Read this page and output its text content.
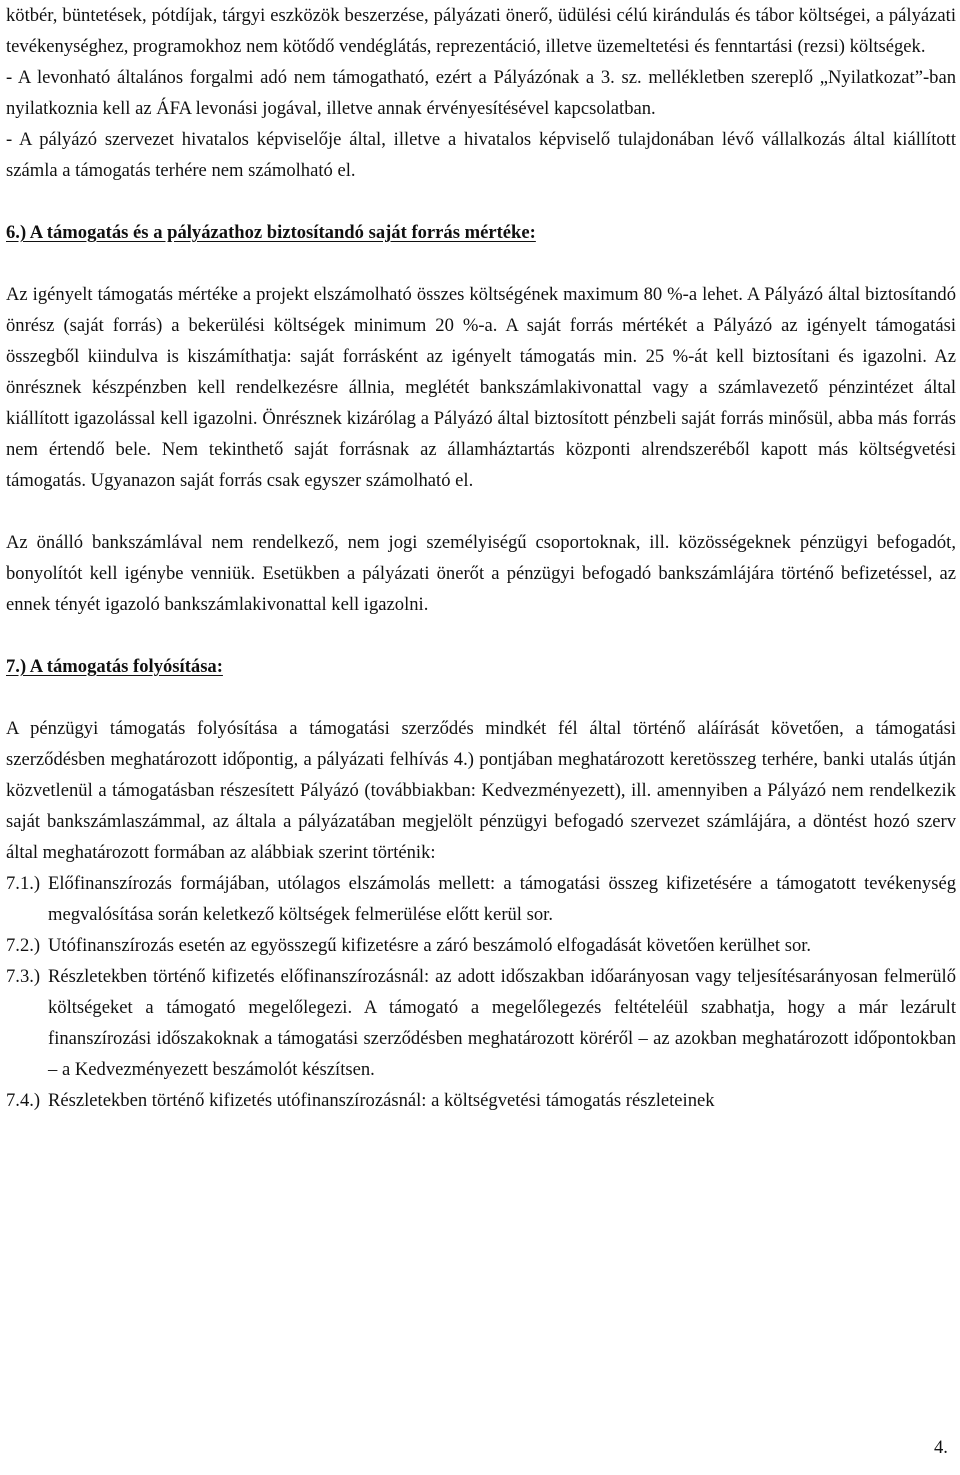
kötbér, büntetések, pótdíjak, tárgyi eszközök beszerzése, pályázati önerő, üdülési célú kirándulás és tábor költségei, a pályázati tevékenységhez, programokhoz nem kötődő vendéglátás, reprezentáció, illetve üzemeltetési és fenntartási (rezsi) költségek.

- A levonható általános forgalmi adó nem támogatható, ezért a Pályázónak a 3. sz. mellékletben szereplő „Nyilatkozat”-ban nyilatkoznia kell az ÁFA levonási jogával, illetve annak érvényesítésével kapcsolatban.

- A pályázó szervezet hivatalos képviselője által, illetve a hivatalos képviselő tulajdonában lévő vállalkozás által kiállított számla a támogatás terhére nem számolható el.

6.) A támogatás és a pályázathoz biztosítandó saját forrás mértéke:

Az igényelt támogatás mértéke a projekt elszámolható összes költségének maximum 80 %-a lehet. A Pályázó által biztosítandó önrész (saját forrás) a bekerülési költségek minimum 20 %-a. A saját forrás mértékét a Pályázó az igényelt támogatási összegből kiindulva is kiszámíthatja: saját forrásként az igényelt támogatás min. 25 %-át kell biztosítani és igazolni. Az önrésznek készpénzben kell rendelkezésre állnia, meglétét bankszámlakivonattal vagy a számlavezető pénzintézet által kiállított igazolással kell igazolni. Önrésznek kizárólag a Pályázó által biztosított pénzbeli saját forrás minősül, abba más forrás nem értendő bele. Nem tekinthető saját forrásnak az államháztartás központi alrendszeréből kapott más költségvetési támogatás. Ugyanazon saját forrás csak egyszer számolható el.

Az önálló bankszámlával nem rendelkező, nem jogi személyiségű csoportoknak, ill. közösségeknek pénzügyi befogadót, bonyolítót kell igénybe venniük. Esetükben a pályázati önerőt a pénzügyi befogadó bankszámlájára történő befizetéssel, az ennek tényét igazoló bankszámlakivonattal kell igazolni.

7.) A támogatás folyósítása:

A pénzügyi támogatás folyósítása a támogatási szerződés mindkét fél által történő aláírását követően, a támogatási szerződésben meghatározott időpontig, a pályázati felhívás 4.) pontjában meghatározott keretösszeg terhére, banki utalás útján közvetlenül a támogatásban részesített Pályázó (továbbiakban: Kedvezményezett), ill. amennyiben a Pályázó nem rendelkezik saját bankszámlaszámmal, az általa a pályázatában megjelölt pénzügyi befogadó szervezet számlájára, a döntést hozó szerv által meghatározott formában az alábbiak szerint történik:

7.1.) Előfinanszírozás formájában, utólagos elszámolás mellett: a támogatási összeg kifizetésére a támogatott tevékenység megvalósítása során keletkező költségek felmerülése előtt kerül sor.
7.2.) Utófinanszírozás esetén az egyösszegű kifizetésre a záró beszámoló elfogadását követően kerülhet sor.
7.3.) Részletekben történő kifizetés előfinanszírozásnál: az adott időszakban időarányosan vagy teljesítésarányosan felmerülő költségeket a támogató megelőlegezi. A támogató a megelőlegezés feltételéül szabhatja, hogy a már lezárult finanszírozási időszakoknak a támogatási szerződésben meghatározott köréről – az azokban meghatározott időpontokban – a Kedvezményezett beszámolót készítsen.
7.4.) Részletekben történő kifizetés utófinanszírozásnál: a költségvetési támogatás részleteinek
4.
